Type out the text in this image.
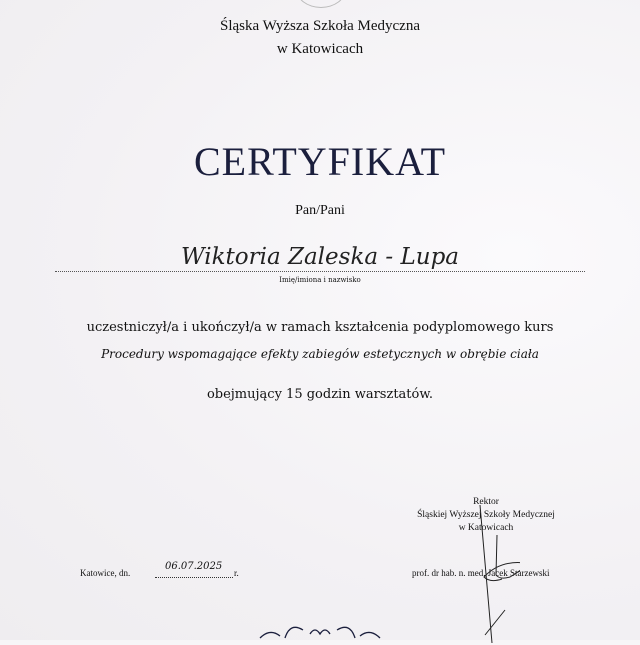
Śląska Wyższa Szkoła Medyczna
w Katowicach
CERTYFIKAT
Pan/Pani
Wiktoria Zaleska - Lupa
Imię/imiona i nazwisko
uczestniczył/a i ukończył/a w ramach kształcenia podyplomowego kurs
Procedury wspomagające efekty zabiegów estetycznych w obrębie ciała
obejmujący 15 godzin warsztatów.
Rektor
Śląskiej Wyższej Szkoły Medycznej
w Katowicach
Katowice, dn.
06.07.2025
r.	prof. dr hab. n. med. Jacek Starzewski
